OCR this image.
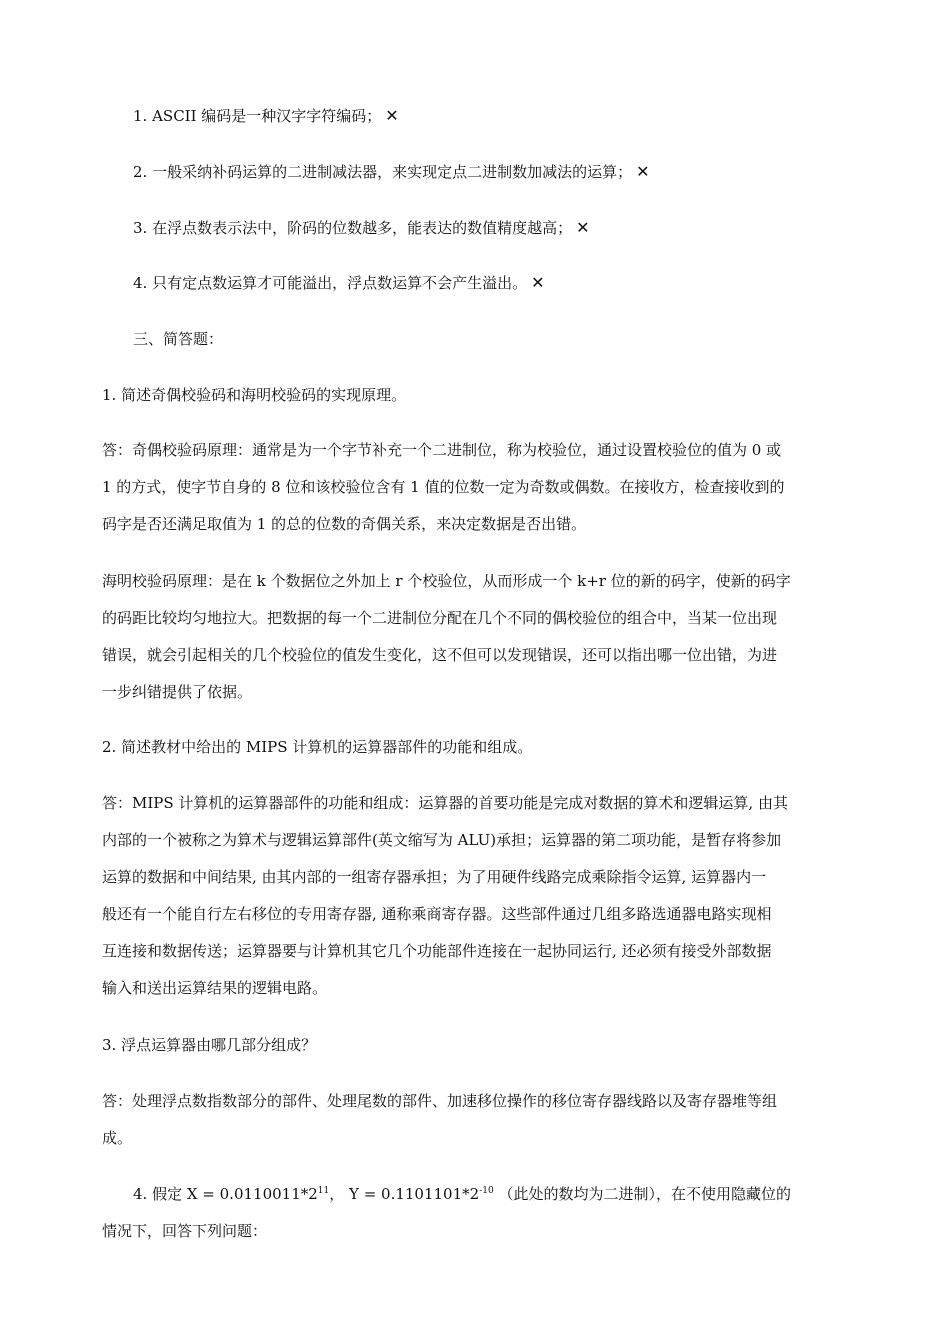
1. ASCII 编码是一种汉字字符编码； ✕

2. 一般采纳补码运算的二进制减法器，来实现定点二进制数加减法的运算； ✕

3. 在浮点数表示法中，阶码的位数越多，能表达的数值精度越高； ✕

4. 只有定点数运算才可能溢出，浮点数运算不会产生溢出。 ✕

三、简答题：

1. 简述奇偶校验码和海明校验码的实现原理。

答：奇偶校验码原理：通常是为一个字节补充一个二进制位，称为校验位，通过设置校验位的值为 0 或
1 的方式，使字节自身的 8 位和该校验位含有 1 值的位数一定为奇数或偶数。在接收方，检查接收到的
码字是否还满足取值为 1 的总的位数的奇偶关系，来决定数据是否出错。
海明校验码原理：是在 k 个数据位之外加上 r 个校验位，从而形成一个 k+r 位的新的码字，使新的码字
的码距比较均匀地拉大。把数据的每一个二进制位分配在几个不同的偶校验位的组合中，当某一位出现
错误，就会引起相关的几个校验位的值发生变化，这不但可以发现错误，还可以指出哪一位出错，为进
一步纠错提供了依据。

2. 简述教材中给出的 MIPS 计算机的运算器部件的功能和组成。

答：MIPS 计算机的运算器部件的功能和组成：运算器的首要功能是完成对数据的算术和逻辑运算, 由其
内部的一个被称之为算术与逻辑运算部件(英文缩写为 ALU)承担；运算器的第二项功能，是暂存将参加
运算的数据和中间结果, 由其内部的一组寄存器承担；为了用硬件线路完成乘除指令运算, 运算器内一
般还有一个能自行左右移位的专用寄存器, 通称乘商寄存器。这些部件通过几组多路选通器电路实现相
互连接和数据传送；运算器要与计算机其它几个功能部件连接在一起协同运行, 还必须有接受外部数据
输入和送出运算结果的逻辑电路。

3. 浮点运算器由哪几部分组成？

答：处理浮点数指数部分的部件、处理尾数的部件、加速移位操作的移位寄存器线路以及寄存器堆等组
成。

4. 假定 $X = 0.0110011*2^{11}$， $Y = 0.1101101*2^{-10}$ （此处的数均为二进制），在不使用隐藏位的

情况下，回答下列问题：
